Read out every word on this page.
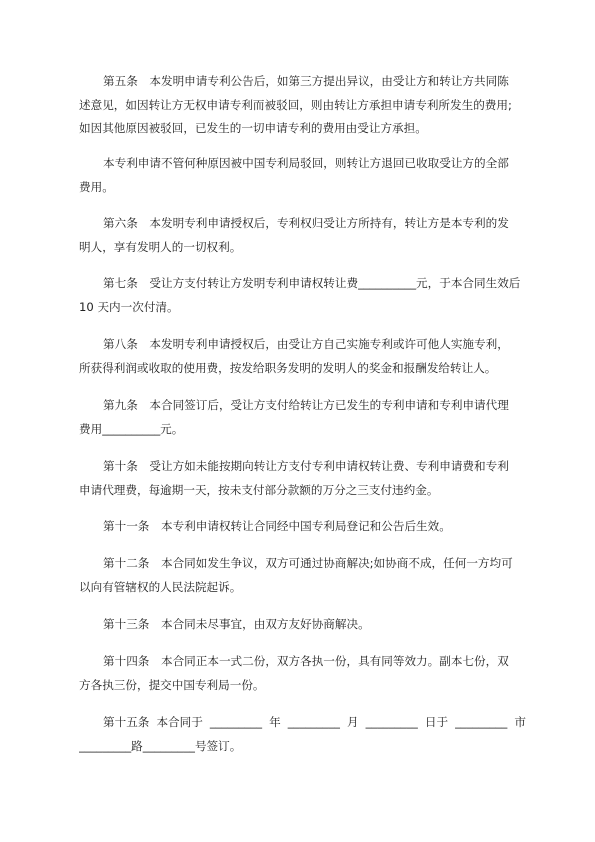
第五条　本发明申请专利公告后，如第三方提出异议，由受让方和转让方共同陈
述意见，如因转让方无权申请专利而被驳回，则由转让方承担申请专利所发生的费用;
如因其他原因被驳回，已发生的一切申请专利的费用由受让方承担。

本专利申请不管何种原因被中国专利局驳回，则转让方退回已收取受让方的全部
费用。

第六条　本发明专利申请授权后，专利权归受让方所持有，转让方是本专利的发
明人，享有发明人的一切权利。

第七条　受让方支付转让方发明专利申请权转让费__________元，于本合同生效后
10 天内一次付清。

第八条　本发明专利申请授权后，由受让方自己实施专利或许可他人实施专利，
所获得利润或收取的使用费，按发给职务发明的发明人的奖金和报酬发给转让人。

第九条　本合同签订后，受让方支付给转让方已发生的专利申请和专利申请代理
费用__________元。

第十条　受让方如未能按期向转让方支付专利申请权转让费、专利申请费和专利
申请代理费，每逾期一天，按未支付部分款额的万分之三支付违约金。

第十一条　本专利申请权转让合同经中国专利局登记和公告后生效。

第十二条　本合同如发生争议，双方可通过协商解决;如协商不成，任何一方均可
以向有管辖权的人民法院起诉。

第十三条　本合同未尽事宜，由双方友好协商解决。

第十四条　本合同正本一式二份，双方各执一份，具有同等效力。副本七份，双
方各执三份，提交中国专利局一份。

第十五条 本合同于 _________ 年 _________ 月 _________ 日于 _________ 市
_________路_________号签订。
